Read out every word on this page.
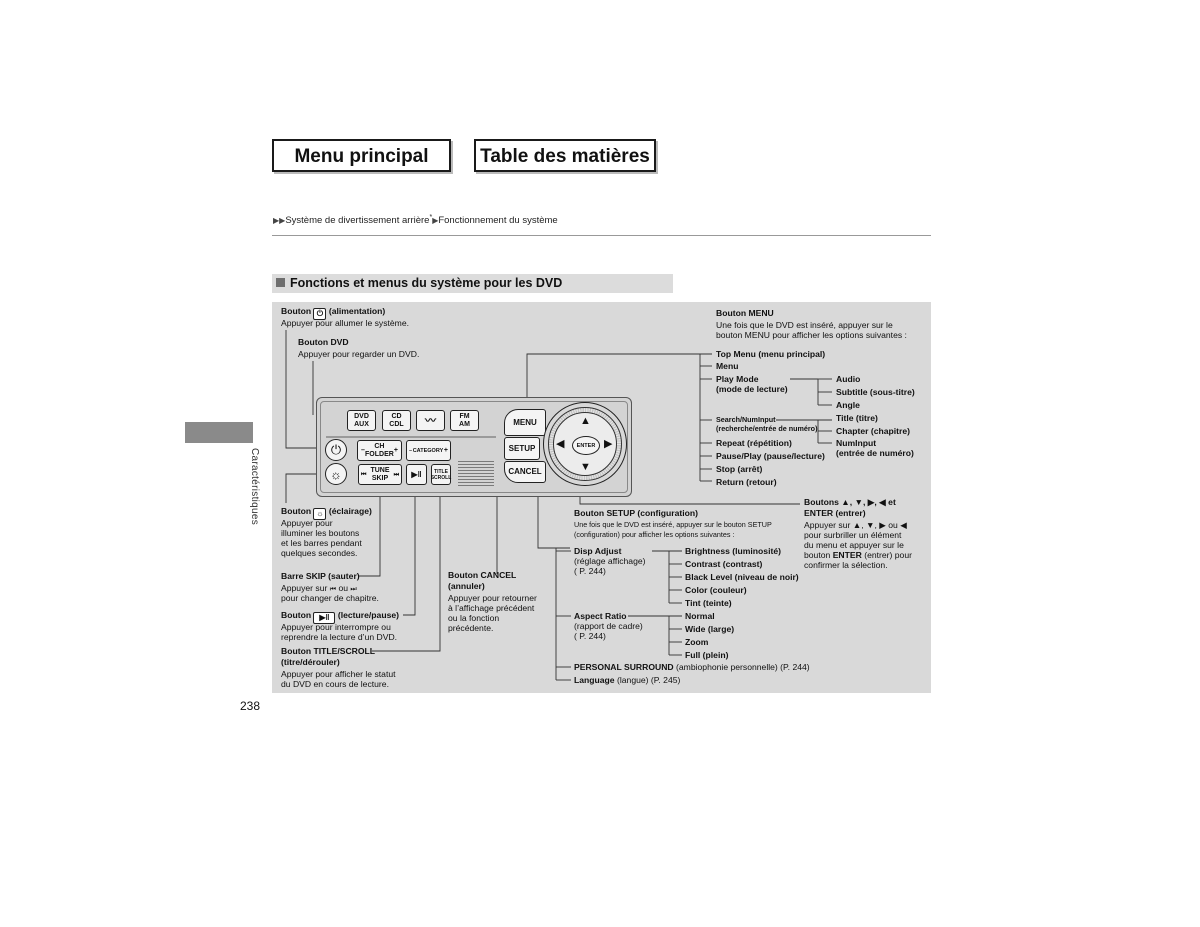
Menu principal	Table des matières
▶▶Système de divertissement arrière*▶Fonctionnement du système
Fonctions et menus du système pour les DVD
Caractéristiques
238
DVD
AUX
CD
CDL 〰	FM
AM
⏻
☼
–
CH
FOLDER
+ – CATEGORY +
⏮
TUNE
SKIP ⏭ ▶‖ TITLE
SCROLL
MENU
SETUP
CANCEL
▲
▼
◀	▶
ENTER
Bouton ⏻ (alimentation)
Appuyer pour allumer le système.
Bouton DVD
Appuyer pour regarder un DVD.
Bouton ☼ (éclairage)
Appuyer pour
illuminer les boutons
et les barres pendant
quelques secondes.
Barre SKIP (sauter)
Appuyer sur ⏮ ou ⏭
pour changer de chapitre.
Bouton ▶‖ (lecture/pause)
Appuyer pour interrompre ou
reprendre la lecture d’un DVD.
Bouton TITLE/SCROLL
(titre/dérouler)
Appuyer pour afficher le statut
du DVD en cours de lecture.
Bouton CANCEL
(annuler)
Appuyer pour retourner
à l’affichage précédent
ou la fonction
précédente.
Bouton MENU
Une fois que le DVD est inséré, appuyer sur le
bouton MENU pour afficher les options suivantes :
Top Menu (menu principal)
Menu
Play Mode
(mode de lecture)
Search/NumInput
(recherche/entrée de numéro)
Repeat (répétition)
Pause/Play (pause/lecture)
Stop (arrêt)
Return (retour)
Audio
Subtitle (sous-titre)
Angle
Title (titre)
Chapter (chapitre)
NumInput
(entrée de numéro)
Boutons ▲, ▼, ▶, ◀ et
ENTER (entrer)
Appuyer sur ▲, ▼, ▶ ou ◀
pour surbriller un élément
du menu et appuyer sur le
bouton ENTER (entrer) pour
confirmer la sélection.
Bouton SETUP (configuration)
Une fois que le DVD est inséré, appuyer sur le bouton SETUP
(configuration) pour afficher les options suivantes :
Disp Adjust
(réglage affichage)
( P. 244)
Brightness (luminosité)
Contrast (contrast)
Black Level (niveau de noir)
Color (couleur)
Tint (teinte)
Aspect Ratio
(rapport de cadre)
( P. 244)
Normal
Wide (large)
Zoom
Full (plein)
PERSONAL SURROUND (ambiophonie personnelle) (P. 244)
Language (langue) (P. 245)
